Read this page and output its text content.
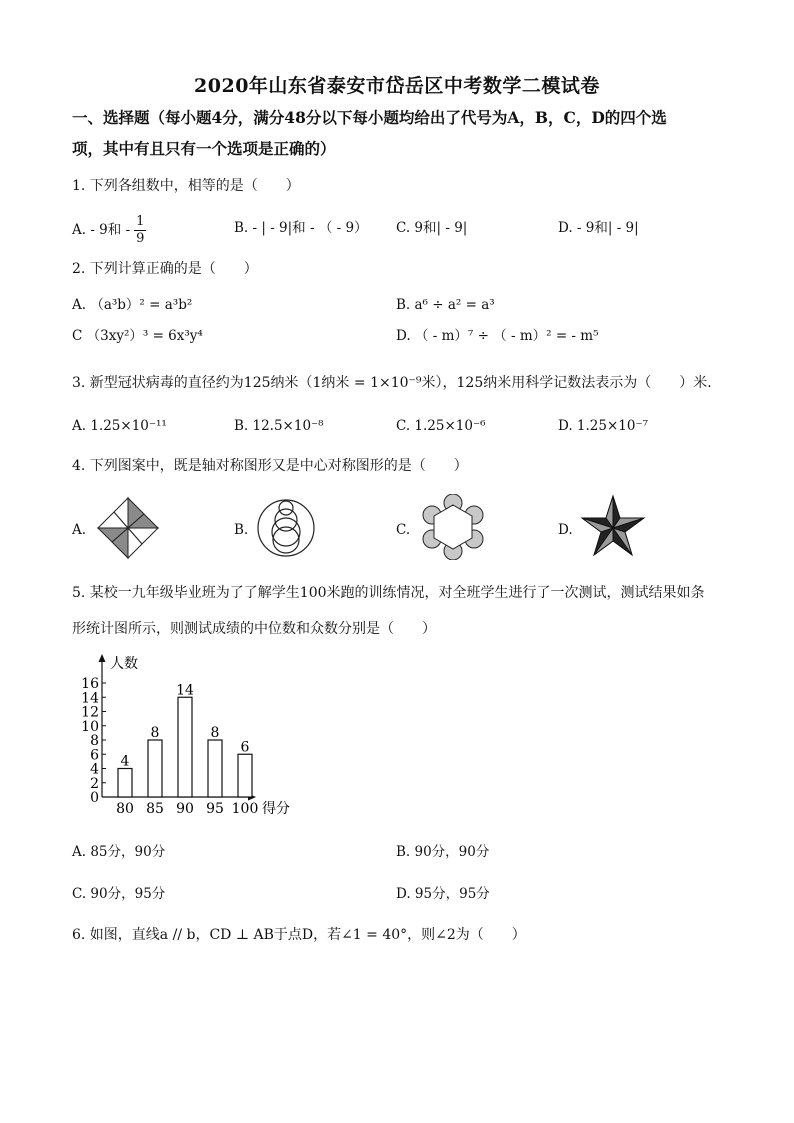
2020年山东省泰安市岱岳区中考数学二模试卷
一、选择题（每小题4分，满分48分以下每小题均给出了代号为A，B，C，D的四个选
项，其中有且只有一个选项是正确的）
1. 下列各组数中，相等的是（　　）
A. - 9和 - $\frac{1}{9}$	B. - | - 9|和 - （ - 9） C. 9和| - 9|	D. - 9和| - 9|
2. 下列计算正确的是（　　）
A. （a³b）² = a³b²	B. a⁶ ÷ a² = a³
C （3xy²）³ = 6x³y⁴	D. （ - m）⁷ ÷ （ - m）² = - m⁵
3. 新型冠状病毒的直径约为125纳米（1纳米 = 1×10⁻⁹米），125纳米用科学记数法表示为（　　）米．
A. 1.25×10⁻¹¹	B. 12.5×10⁻⁸	C. 1.25×10⁻⁶	D. 1.25×10⁻⁷
4. 下列图案中，既是轴对称图形又是中心对称图形的是（　　）
A.	B.	C.	D.
5. 某校一九年级毕业班为了了解学生100米跑的训练情况，对全班学生进行了一次测试，测试结果如条
形统计图所示，则测试成绩的中位数和众数分别是（　　）
人数
得分
0
2
4
6
8
10
12
14
16
4
80
8
85
14
90
8
95
6
100
A. 85分，90分	B. 90分，90分
C. 90分，95分	D. 95分，95分
6. 如图，直线a // b，CD ⊥ AB于点D，若∠1 = 40°，则∠2为（　　）
